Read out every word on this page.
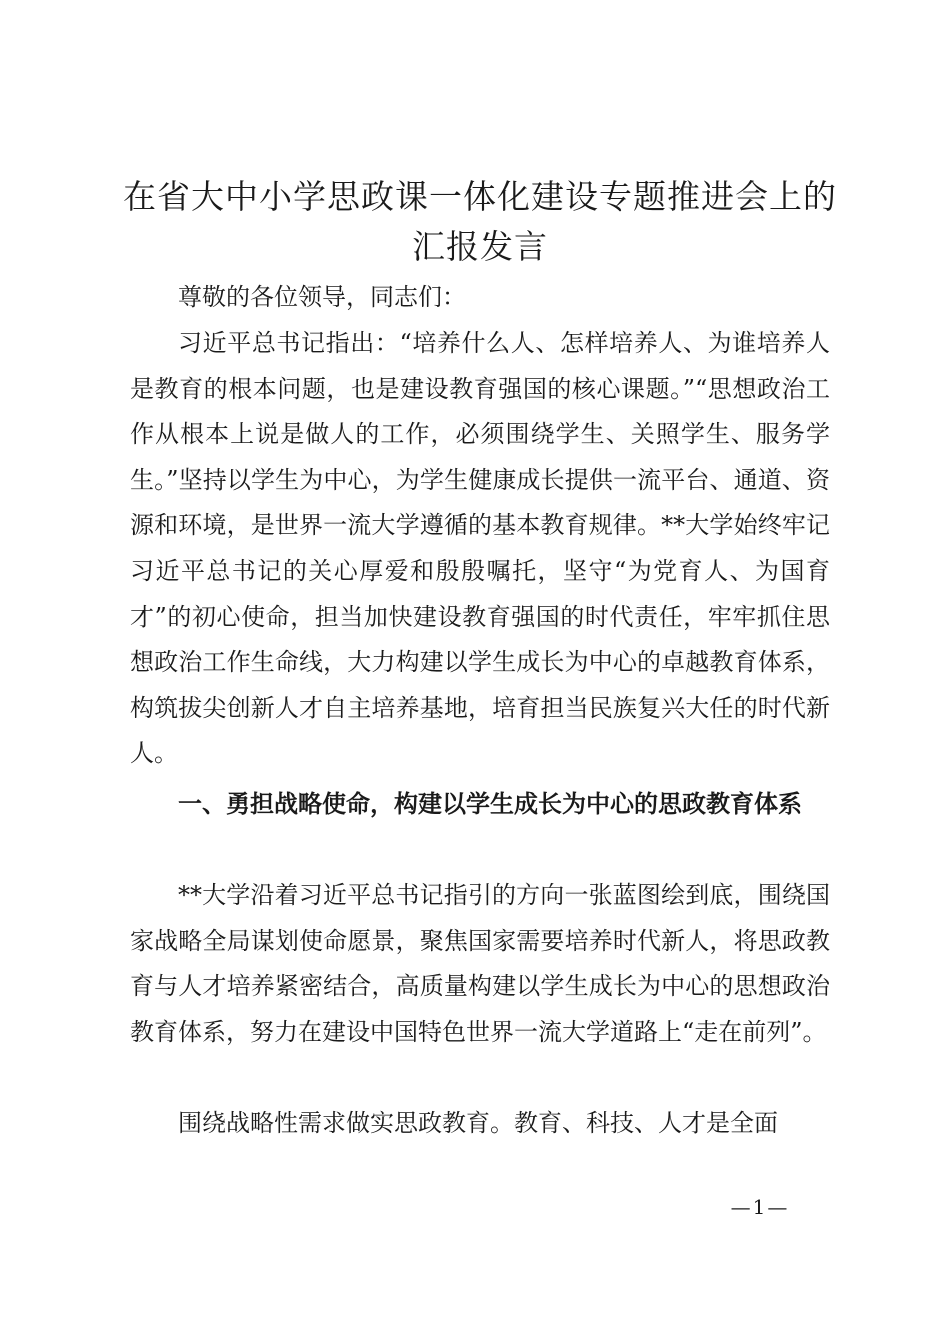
在省大中小学思政课一体化建设专题推进会上的汇报发言

尊敬的各位领导，同志们：

习近平总书记指出：“培养什么人、怎样培养人、为谁培养人是教育的根本问题，也是建设教育强国的核心课题。”“思想政治工作从根本上说是做人的工作，必须围绕学生、关照学生、服务学生。”坚持以学生为中心，为学生健康成长提供一流平台、通道、资源和环境，是世界一流大学遵循的基本教育规律。**大学始终牢记习近平总书记的关心厚爱和殷殷嘱托，坚守“为党育人、为国育才”的初心使命，担当加快建设教育强国的时代责任，牢牢抓住思想政治工作生命线，大力构建以学生成长为中心的卓越教育体系，构筑拔尖创新人才自主培养基地，培育担当民族复兴大任的时代新人。

一、勇担战略使命，构建以学生成长为中心的思政教育体系

**大学沿着习近平总书记指引的方向一张蓝图绘到底，围绕国家战略全局谋划使命愿景，聚焦国家需要培养时代新人，将思政教育与人才培养紧密结合，高质量构建以学生成长为中心的思想政治教育体系，努力在建设中国特色世界一流大学道路上“走在前列”。

围绕战略性需求做实思政教育。教育、科技、人才是全面

—1—
